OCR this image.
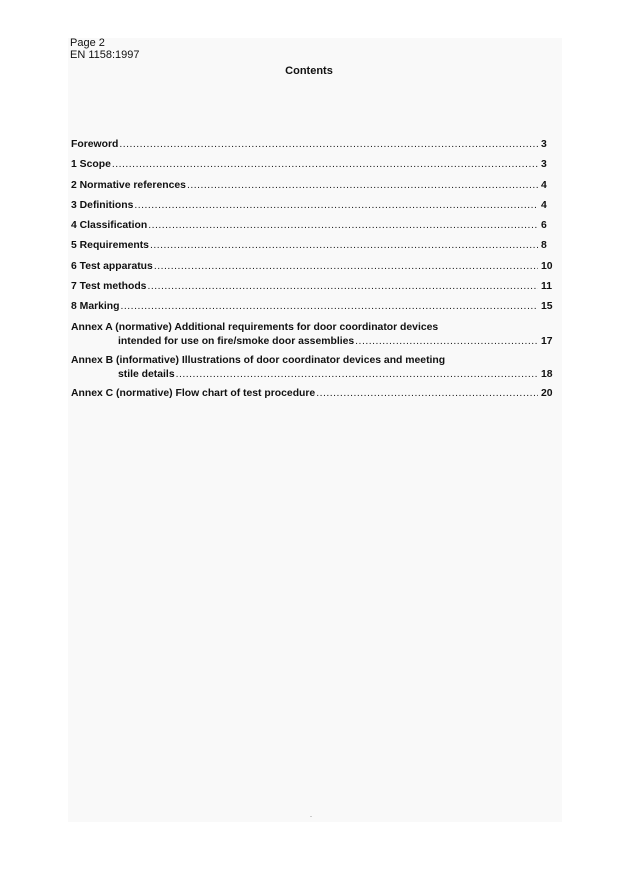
Page 2
EN 1158:1997
Contents
Foreword .....	3
1 Scope .....	3
2 Normative references .....	4
3 Definitions .....	4
4 Classification .....	6
5 Requirements .....	8
6 Test apparatus .....	10
7 Test methods .....	11
8 Marking .....	15
Annex A (normative) Additional requirements for door coordinator devices
intended for use on fire/smoke door assemblies .....	17
Annex B (informative) Illustrations of door coordinator devices and meeting
stile details .....	18
Annex C (normative) Flow chart of test procedure .....	20
